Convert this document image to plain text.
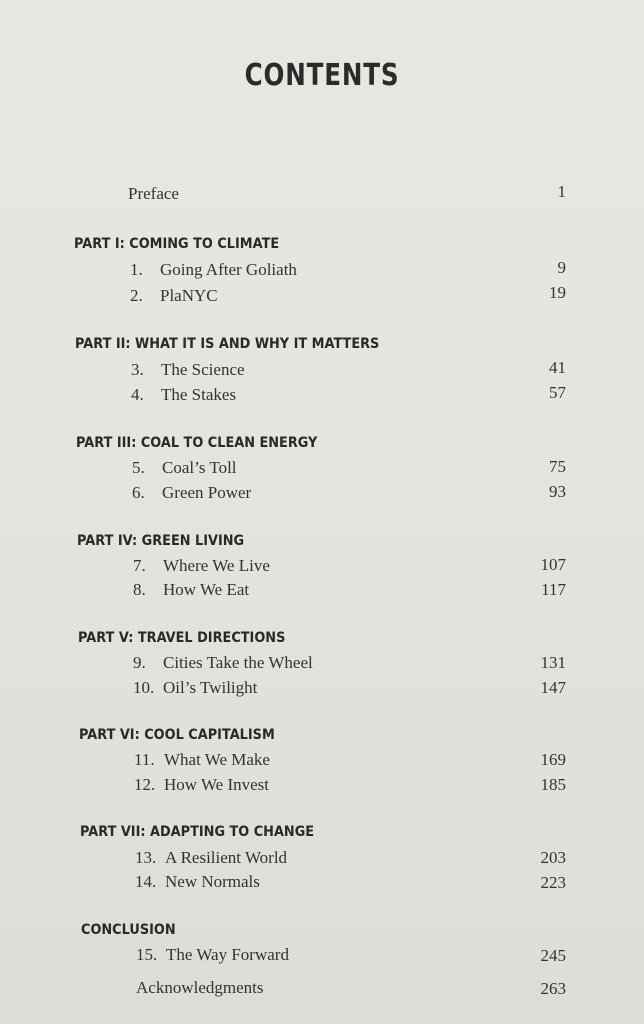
CONTENTS
Preface	1
PART I: COMING TO CLIMATE
1. Going After Goliath	9
2. PlaNYC	19
PART II: WHAT IT IS AND WHY IT MATTERS
3. The Science	41
4. The Stakes	57
PART III: COAL TO CLEAN ENERGY
5. Coal’s Toll	75
6. Green Power	93
PART IV: GREEN LIVING
7. Where We Live	107
8. How We Eat	117
PART V: TRAVEL DIRECTIONS
9. Cities Take the Wheel	131
10. Oil’s Twilight	147
PART VI: COOL CAPITALISM
11. What We Make	169
12. How We Invest	185
PART VII: ADAPTING TO CHANGE
13. A Resilient World	203
14. New Normals	223
CONCLUSION
15. The Way Forward	245
Acknowledgments	263
